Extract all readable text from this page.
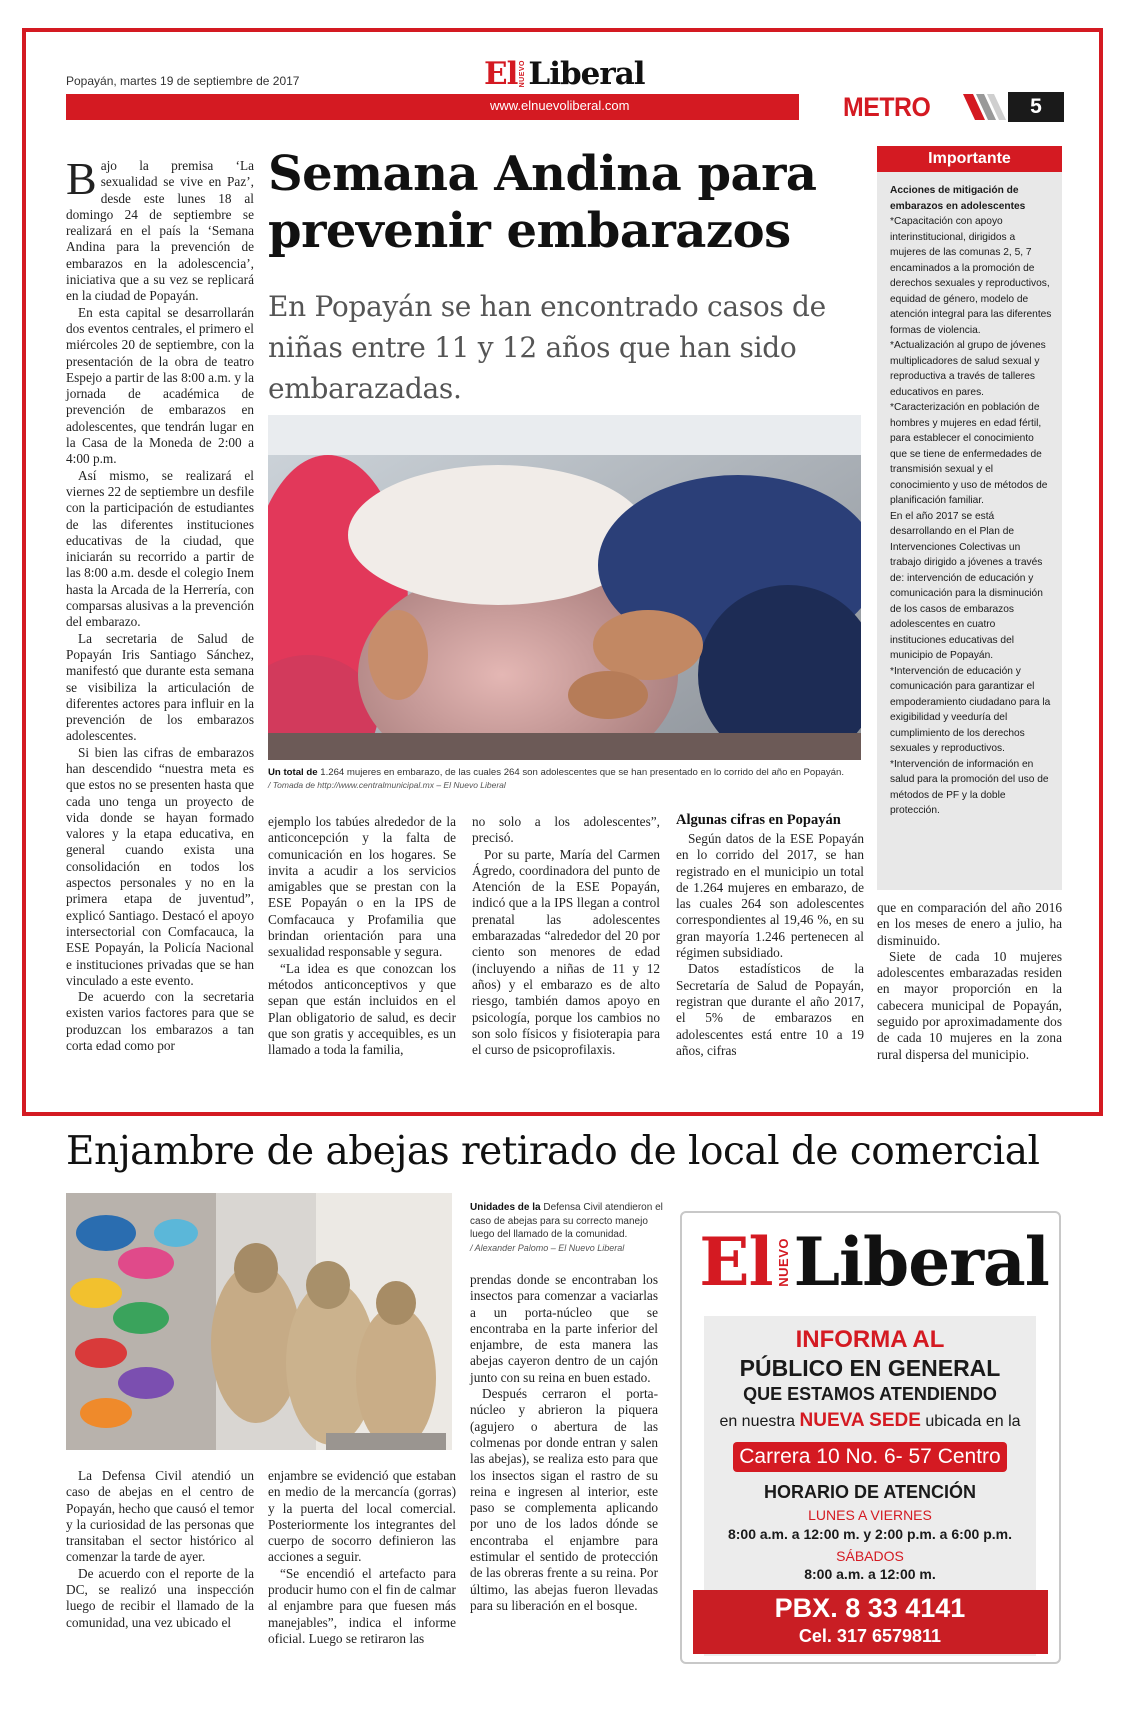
Popayán, martes 19 de septiembre de 2017	El NUEVO Liberal
www.elnuevoliberal.com	METRO	5

Bajo la premisa ‘La sexualidad se vive en Paz’, desde este lunes 18 al domingo 24 de septiembre se realizará en el país la ‘Semana Andina para la prevención de embarazos en la adolescencia’, iniciativa que a su vez se replicará en la ciudad de Popayán.

En esta capital se desarrollarán dos eventos centrales, el primero el miércoles 20 de septiembre, con la presentación de la obra de teatro Espejo a partir de las 8:00 a.m. y la jornada de académica de prevención de embarazos en adolescentes, que tendrán lugar en la Casa de la Moneda de 2:00 a 4:00 p.m.

Así mismo, se realizará el viernes 22 de septiembre un desfile con la participación de estudiantes de las diferentes instituciones educativas de la ciudad, que iniciarán su recorrido a partir de las 8:00 a.m. desde el colegio Inem hasta la Arcada de la Herrería, con comparsas alusivas a la prevención del embarazo.

La secretaria de Salud de Popayán Iris Santiago Sánchez, manifestó que durante esta semana se visibiliza la articulación de diferentes actores para influir en la prevención de los embarazos adolescentes.

Si bien las cifras de embarazos han descendido “nuestra meta es que estos no se presenten hasta que cada uno tenga un proyecto de vida donde se hayan formado valores y la etapa educativa, en general cuando exista una consolidación en todos los aspectos personales y no en la primera etapa de juventud”, explicó Santiago. Destacó el apoyo intersectorial con Comfacauca, la ESE Popayán, la Policía Nacional e instituciones privadas que se han vinculado a este evento.

De acuerdo con la secretaria existen varios factores para que se produzcan los embarazos a tan corta edad como por

Semana Andina para prevenir embarazos
En Popayán se han encontrado casos de niñas entre 11 y 12 años que han sido embarazadas.
Un total de 1.264 mujeres en embarazo, de las cuales 264 son adolescentes que se han presentado en lo corrido del año en Popayán.
/ Tomada de http://www.centralmunicipal.mx – El Nuevo Liberal

ejemplo los tabúes alrededor de la anticoncepción y la falta de comunicación en los hogares. Se invita a acudir a los servicios amigables que se prestan con la ESE Popayán o en la IPS de Comfacauca y Profamilia que brindan orientación para una sexualidad responsable y segura.

“La idea es que conozcan los métodos anticonceptivos y que sepan que están incluidos en el Plan obligatorio de salud, es decir que son gratis y accequibles, es un llamado a toda la familia,

no solo a los adolescentes”, precisó.

Por su parte, María del Carmen Ágredo, coordinadora del punto de Atención de la ESE Popayán, indicó que a la IPS llegan a control prenatal las adolescentes embarazadas “alrededor del 20 por ciento son menores de edad (incluyendo a niñas de 11 y 12 años) y el embarazo es de alto riesgo, también damos apoyo en psicología, porque los cambios no son solo físicos y fisioterapia para el curso de psicoprofilaxis.

Algunas cifras en Popayán

Según datos de la ESE Popayán en lo corrido del 2017, se han registrado en el municipio un total de 1.264 mujeres en embarazo, de las cuales 264 son adolescentes correspondientes al 19,46 %, en su gran mayoría 1.246 pertenecen al régimen subsidiado.

Datos estadísticos de la Secretaría de Salud de Popayán, registran que durante el año 2017, el 5% de embarazos en adolescentes está entre 10 a 19 años, cifras

que en comparación del año 2016 en los meses de enero a julio, ha disminuido.

Siete de cada 10 mujeres adolescentes embarazadas residen en mayor proporción en la cabecera municipal de Popayán, seguido por aproximadamente dos de cada 10 mujeres en la zona rural dispersa del municipio.

Importante

Acciones de mitigación de embarazos en adolescentes

*Capacitación con apoyo interinstitucional, dirigidos a mujeres de las comunas 2, 5, 7 encaminados a la promoción de derechos sexuales y reproductivos, equidad de género, modelo de atención integral para las diferentes formas de violencia.

*Actualización al grupo de jóvenes multiplicadores de salud sexual y reproductiva a través de talleres educativos en pares.

*Caracterización en población de hombres y mujeres en edad fértil, para establecer el conocimiento que se tiene de enfermedades de transmisión sexual y el conocimiento y uso de métodos de planificación familiar.

En el año 2017 se está desarrollando en el Plan de Intervenciones Colectivas un trabajo dirigido a jóvenes a través de: intervención de educación y comunicación para la disminución de los casos de embarazos adolescentes en cuatro instituciones educativas del municipio de Popayán.

*Intervención de educación y comunicación para garantizar el empoderamiento ciudadano para la exigibilidad y veeduría del cumplimiento de los derechos sexuales y reproductivos.

*Intervención de información en salud para la promoción del uso de métodos de PF y la doble protección.

Enjambre de abejas retirado de local de comercial
Unidades de la Defensa Civil atendieron el caso de abejas para su correcto manejo luego del llamado de la comunidad.
/ Alexander Palomo – El Nuevo Liberal

La Defensa Civil atendió un caso de abejas en el centro de Popayán, hecho que causó el temor y la curiosidad de las personas que transitaban el sector histórico al comenzar la tarde de ayer.

De acuerdo con el reporte de la DC, se realizó una inspección luego de recibir el llamado de la comunidad, una vez ubicado el

enjambre se evidenció que estaban en medio de la mercancía (gorras) y la puerta del local comercial. Posteriormente los integrantes del cuerpo de socorro definieron las acciones a seguir.

“Se encendió el artefacto para producir humo con el fin de calmar al enjambre para que fuesen más manejables”, indica el informe oficial. Luego se retiraron las

prendas donde se encontraban los insectos para comenzar a vaciarlas a un porta-núcleo que se encontraba en la parte inferior del enjambre, de esta manera las abejas cayeron dentro de un cajón junto con su reina en buen estado.

Después cerraron el porta-núcleo y abrieron la piquera (agujero o abertura de las colmenas por donde entran y salen las abejas), se realiza esto para que los insectos sigan el rastro de su reina e ingresen al interior, este paso se complementa aplicando por uno de los lados dónde se encontraba el enjambre para estimular el sentido de protección de las obreras frente a su reina. Por último, las abejas fueron llevadas para su liberación en el bosque.

El NUEVO Liberal
INFORMA AL
PÚBLICO EN GENERAL
QUE ESTAMOS ATENDIENDO
en nuestra NUEVA SEDE ubicada en la
Carrera 10 No. 6- 57 Centro
HORARIO DE ATENCIÓN
LUNES A VIERNES
8:00 a.m. a 12:00 m. y 2:00 p.m. a 6:00 p.m.
SÁBADOS
8:00 a.m. a 12:00 m.
PBX. 8 33 4141
Cel. 317 6579811
